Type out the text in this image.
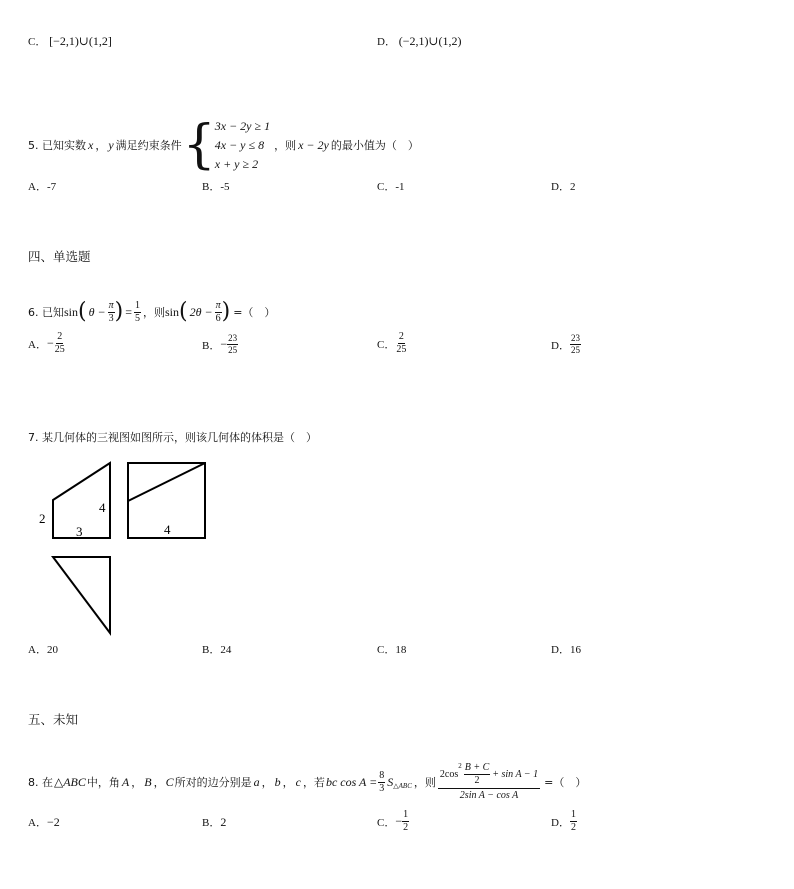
C． [−2,1)∪(1,2]	D． (−2,1)∪(1,2)
5. 已知实数 x ， y 满足约束条件 { 3x − 2y ≥ 1
4x − y ≤ 8
x + y ≥ 2
，则 x − 2y 的最小值为（　）
A．-7	B．-5	C．-1	D．2
四、单选题
6. 已知 sin ( $\theta - \frac{\pi}{3}$ ) = $\frac{1}{5}$ ，则 sin ( $2\theta - \frac{\pi}{6}$ ) =（　）
A． − $\frac{2}{25}$	B． − $\frac{23}{25}$	C． $\frac{2}{25}$	D． $\frac{23}{25}$
7. 某几何体的三视图如图所示，则该几何体的体积是（　）
2
4
3	4
A．20	B．24	C．18	D．16
五、未知
8. 在 △ABC 中，角 A ， B ， C 所对的边分别是 a ， b ， c ，若 bc $\cos A = \frac{8}{3}$ S △ABC ，则 2cos
$^2 \frac{B + C}{2} + \sin A - 1$
2sin A − cos A =（　）
A．−2	B．2	C． − $\frac{1}{2}$	D． $\frac{1}{2}$
